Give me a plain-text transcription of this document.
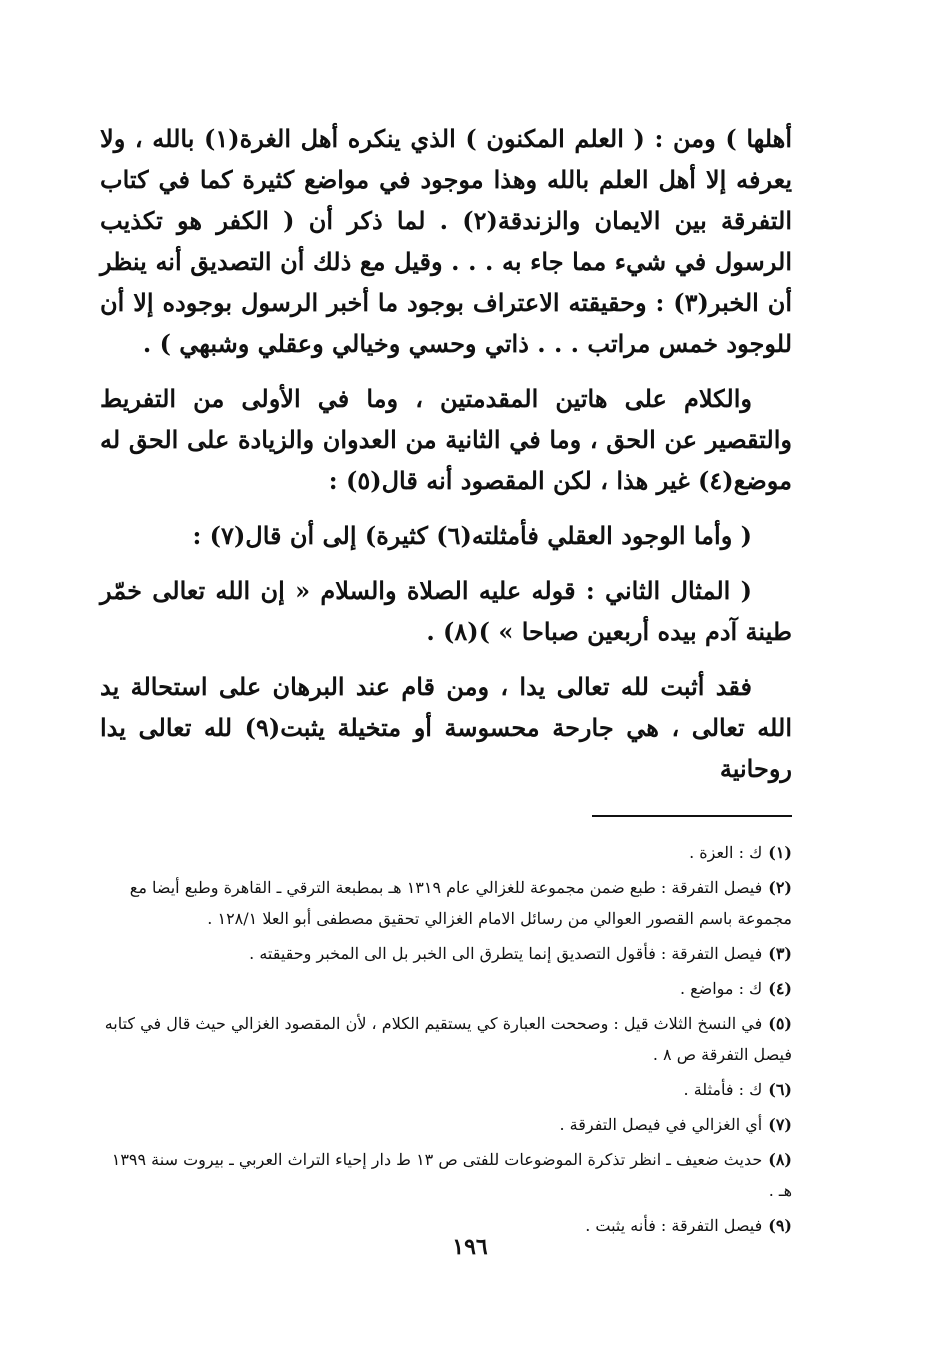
أهلها ) ومن : ( العلم المكنون ) الذي ينكره أهل الغرة(١) بالله ، ولا يعرفه إلا أهل العلم بالله وهذا موجود في مواضع كثيرة كما في كتاب التفرقة بين الايمان والزندقة(٢) . لما ذكر أن ( الكفر هو تكذيب الرسول في شيء مما جاء به . . . وقيل مع ذلك أن التصديق أنه ينظر أن الخبر(٣) : وحقيقته الاعتراف بوجود ما أخبر الرسول بوجوده إلا أن للوجود خمس مراتب . . . ذاتي وحسي وخيالي وعقلي وشبهي ) .

والكلام على هاتين المقدمتين ، وما في الأولى من التفريط والتقصير عن الحق ، وما في الثانية من العدوان والزيادة على الحق له موضع(٤) غير هذا ، لكن المقصود أنه قال(٥) :

( وأما الوجود العقلي فأمثلته(٦) كثيرة) إلى أن قال(٧) :

( المثال الثاني : قوله عليه الصلاة والسلام « إن الله تعالى خمّر طينة آدم بيده أربعين صباحا » )(٨) .

فقد أثبت لله تعالى يدا ، ومن قام عند البرهان على استحالة يد الله تعالى ، هي جارحة محسوسة أو متخيلة يثبت(٩) لله تعالى يدا روحانية

(١)ك : العزة .

(٢)فيصل التفرقة : طبع ضمن مجموعة للغزالي عام ١٣١٩ هـ بمطبعة الترقي ـ القاهرة وطبع أيضا مع مجموعة باسم القصور العوالي من رسائل الامام الغزالي تحقيق مصطفى أبو العلا ١٢٨/١ .

(٣)فيصل التفرقة : فأقول التصديق إنما يتطرق الى الخبر بل الى المخبر وحقيقته .

(٤)ك : مواضع .

(٥)في النسخ الثلاث قيل : وصححت العبارة كي يستقيم الكلام ، لأن المقصود الغزالي حيث قال في كتابه فيصل التفرقة ص ٨ .

(٦)ك : فأمثلة .

(٧)أي الغزالي في فيصل التفرقة .

(٨)حديث ضعيف ـ انظر تذكرة الموضوعات للفتى ص ١٣ ط دار إحياء التراث العربي ـ بيروت سنة ١٣٩٩ هـ .

(٩)فيصل التفرقة : فأنه يثبت .

١٩٦
